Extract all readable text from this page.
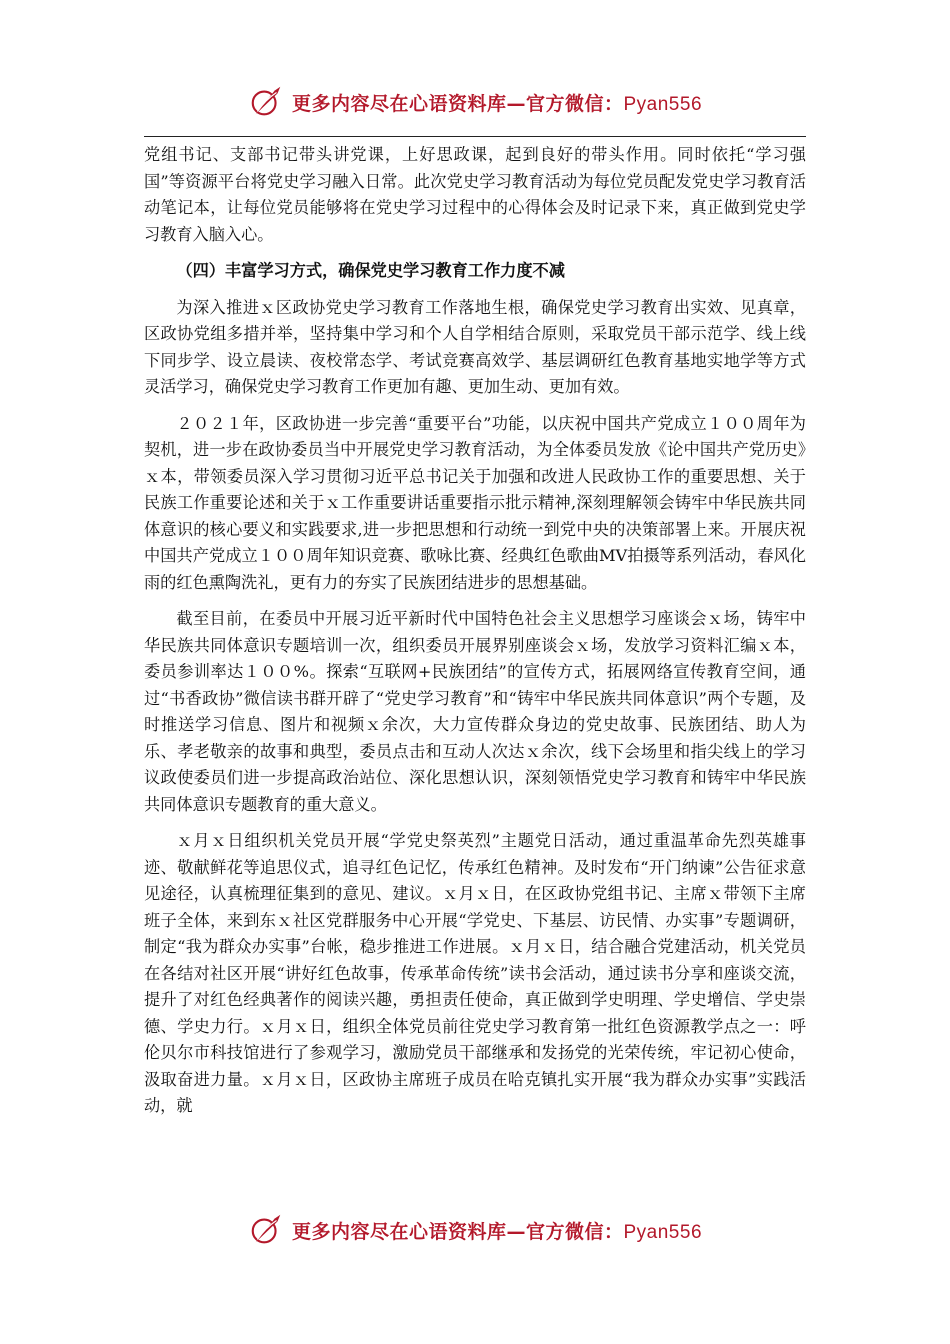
更多内容尽在心语资料库—官方微信：Pyan556

党组书记、支部书记带头讲党课，上好思政课，起到良好的带头作用。同时依托“学习强国”等资源平台将党史学习融入日常。此次党史学习教育活动为每位党员配发党史学习教育活动笔记本，让每位党员能够将在党史学习过程中的心得体会及时记录下来，真正做到党史学习教育入脑入心。

（四）丰富学习方式，确保党史学习教育工作力度不减

为深入推进ｘ区政协党史学习教育工作落地生根，确保党史学习教育出实效、见真章，区政协党组多措并举，坚持集中学习和个人自学相结合原则，采取党员干部示范学、线上线下同步学、设立晨读、夜校常态学、考试竞赛高效学、基层调研红色教育基地实地学等方式灵活学习，确保党史学习教育工作更加有趣、更加生动、更加有效。

２０２１年，区政协进一步完善“重要平台”功能，以庆祝中国共产党成立１００周年为契机，进一步在政协委员当中开展党史学习教育活动，为全体委员发放《论中国共产党历史》ｘ本，带领委员深入学习贯彻习近平总书记关于加强和改进人民政协工作的重要思想、关于民族工作重要论述和关于ｘ工作重要讲话重要指示批示精神,深刻理解领会铸牢中华民族共同体意识的核心要义和实践要求,进一步把思想和行动统一到党中央的决策部署上来。开展庆祝中国共产党成立１００周年知识竞赛、歌咏比赛、经典红色歌曲MV拍摄等系列活动，春风化雨的红色熏陶洗礼，更有力的夯实了民族团结进步的思想基础。

截至目前，在委员中开展习近平新时代中国特色社会主义思想学习座谈会ｘ场，铸牢中华民族共同体意识专题培训一次，组织委员开展界别座谈会ｘ场，发放学习资料汇编ｘ本，委员参训率达１００%。探索“互联网+民族团结”的宣传方式，拓展网络宣传教育空间，通过“书香政协”微信读书群开辟了“党史学习教育”和“铸牢中华民族共同体意识”两个专题，及时推送学习信息、图片和视频ｘ余次，大力宣传群众身边的党史故事、民族团结、助人为乐、孝老敬亲的故事和典型，委员点击和互动人次达ｘ余次，线下会场里和指尖线上的学习议政使委员们进一步提高政治站位、深化思想认识，深刻领悟党史学习教育和铸牢中华民族共同体意识专题教育的重大意义。

ｘ月ｘ日组织机关党员开展“学党史祭英烈”主题党日活动，通过重温革命先烈英雄事迹、敬献鲜花等追思仪式，追寻红色记忆，传承红色精神。及时发布“开门纳谏”公告征求意见途径，认真梳理征集到的意见、建议。ｘ月ｘ日，在区政协党组书记、主席ｘ带领下主席班子全体，来到东ｘ社区党群服务中心开展“学党史、下基层、访民情、办实事”专题调研，制定“我为群众办实事”台帐，稳步推进工作进展。ｘ月ｘ日，结合融合党建活动，机关党员在各结对社区开展“讲好红色故事，传承革命传统”读书会活动，通过读书分享和座谈交流，提升了对红色经典著作的阅读兴趣，勇担责任使命，真正做到学史明理、学史增信、学史崇德、学史力行。ｘ月ｘ日，组织全体党员前往党史学习教育第一批红色资源教学点之一：呼伦贝尔市科技馆进行了参观学习，激励党员干部继承和发扬党的光荣传统，牢记初心使命，汲取奋进力量。ｘ月ｘ日，区政协主席班子成员在哈克镇扎实开展“我为群众办实事”实践活动，就

更多内容尽在心语资料库—官方微信：Pyan556
